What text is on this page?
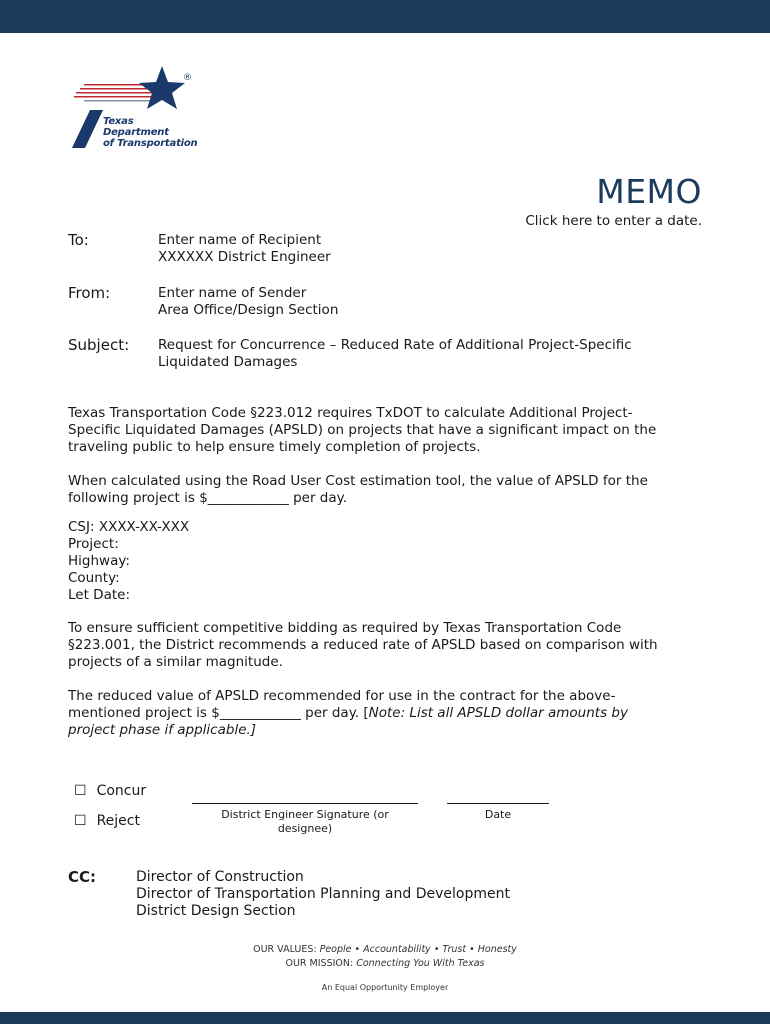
®
Texas
Department
of Transportation
MEMO
Click here to enter a date.
To:	Enter name of Recipient
XXXXXX District Engineer
From:	Enter name of Sender
Area Office/Design Section
Subject: Request for Concurrence – Reduced Rate of Additional Project-Specific
Liquidated Damages
Texas Transportation Code §223.012 requires TxDOT to calculate Additional Project-
Specific Liquidated Damages (APSLD) on projects that have a significant impact on the
traveling public to help ensure timely completion of projects.
When calculated using the Road User Cost estimation tool, the value of APSLD for the
following project is $____________ per day.
CSJ: XXXX-XX-XXX
Project:
Highway:
County:
Let Date:
To ensure sufficient competitive bidding as required by Texas Transportation Code
§223.001, the District recommends a reduced rate of APSLD based on comparison with
projects of a similar magnitude.
The reduced value of APSLD recommended for use in the contract for the above-
mentioned project is $____________ per day. [Note: List all APSLD dollar amounts by
project phase if applicable.]
☐ Concur
☐ Reject	District Engineer Signature (or
designee)
Date
CC:	Director of Construction
Director of Transportation Planning and Development
District Design Section
OUR VALUES: People • Accountability • Trust • Honesty
OUR MISSION: Connecting You With Texas
An Equal Opportunity Employer
